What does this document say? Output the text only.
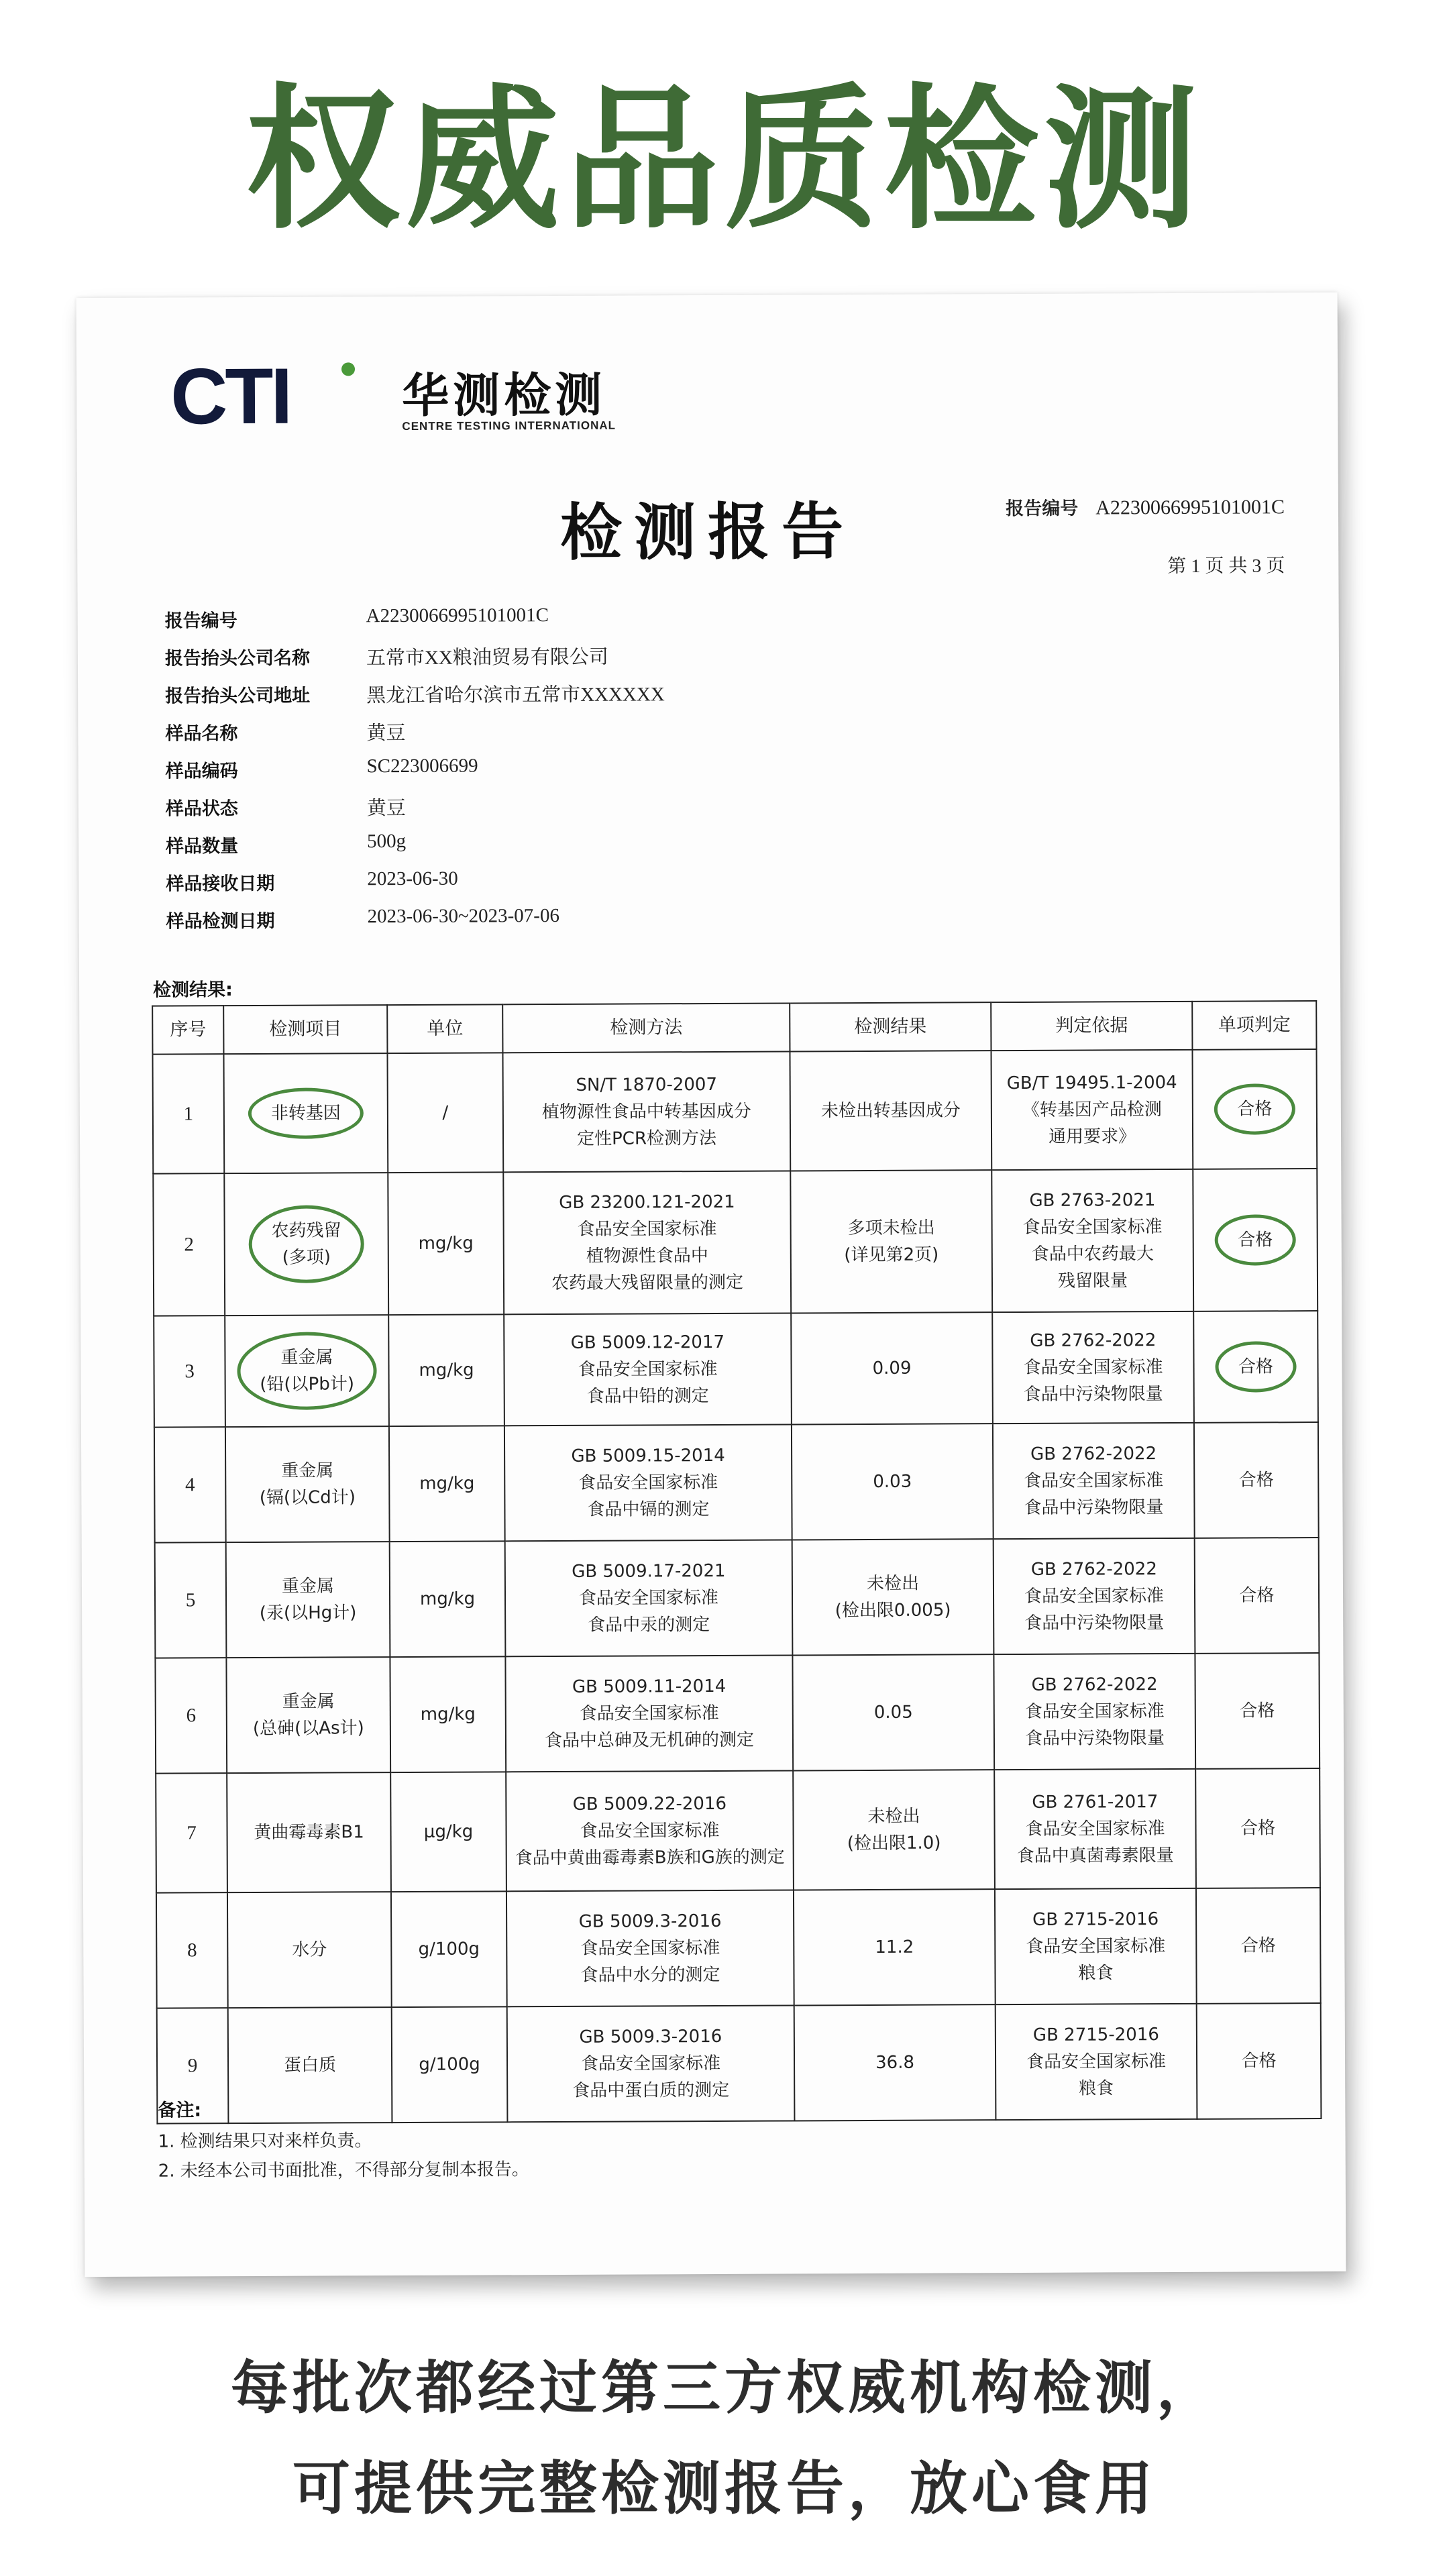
权威品质检测
CTI 华测检测
CENTRE TESTING INTERNATIONAL
检测报告	报告编号 A2230066995101001C
第 1 页 共 3 页
报告编号	A2230066995101001C
报告抬头公司名称	五常市XX粮油贸易有限公司
报告抬头公司地址	黑龙江省哈尔滨市五常市XXXXXX
样品名称	黄豆
样品编码	SC223006699
样品状态	黄豆
样品数量	500g
样品接收日期	2023-06-30
样品检测日期	2023-06-30~2023-07-06
检测结果:
序号	检测项目	单位	检测方法	检测结果	判定依据	单项判定
1	非转基因	/	SN/T 1870-2007
植物源性食品中转基因成分
定性PCR检测方法	未检出转基因成分	GB/T 19495.1-2004
《转基因产品检测
通用要求》	合格
2	农药残留
(多项)	mg/kg	GB 23200.121-2021
食品安全国家标准
植物源性食品中
农药最大残留限量的测定	多项未检出
(详见第2页)	GB 2763-2021
食品安全国家标准
食品中农药最大
残留限量	合格
3	重金属
(铅(以Pb计)	mg/kg	GB 5009.12-2017
食品安全国家标准
食品中铅的测定	0.09	GB 2762-2022
食品安全国家标准
食品中污染物限量	合格
4	重金属
(镉(以Cd计)	mg/kg	GB 5009.15-2014
食品安全国家标准
食品中镉的测定	0.03	GB 2762-2022
食品安全国家标准
食品中污染物限量	合格
5	重金属
(汞(以Hg计)	mg/kg	GB 5009.17-2021
食品安全国家标准
食品中汞的测定	未检出
(检出限0.005)	GB 2762-2022
食品安全国家标准
食品中污染物限量	合格
6	重金属
(总砷(以As计)	mg/kg	GB 5009.11-2014
食品安全国家标准
食品中总砷及无机砷的测定	0.05	GB 2762-2022
食品安全国家标准
食品中污染物限量	合格
7	黄曲霉毒素B1	μg/kg	GB 5009.22-2016
食品安全国家标准
食品中黄曲霉毒素B族和G族的测定	未检出
(检出限1.0)	GB 2761-2017
食品安全国家标准
食品中真菌毒素限量	合格
8	水分	g/100g	GB 5009.3-2016
食品安全国家标准
食品中水分的测定	11.2	GB 2715-2016
食品安全国家标准
粮食	合格
9	蛋白质	g/100g	GB 5009.3-2016
食品安全国家标准
食品中蛋白质的测定	36.8	GB 2715-2016
食品安全国家标准
粮食	合格
备注:
1. 检测结果只对来样负责。
2. 未经本公司书面批准，不得部分复制本报告。
每批次都经过第三方权威机构检测，
可提供完整检测报告，放心食用
